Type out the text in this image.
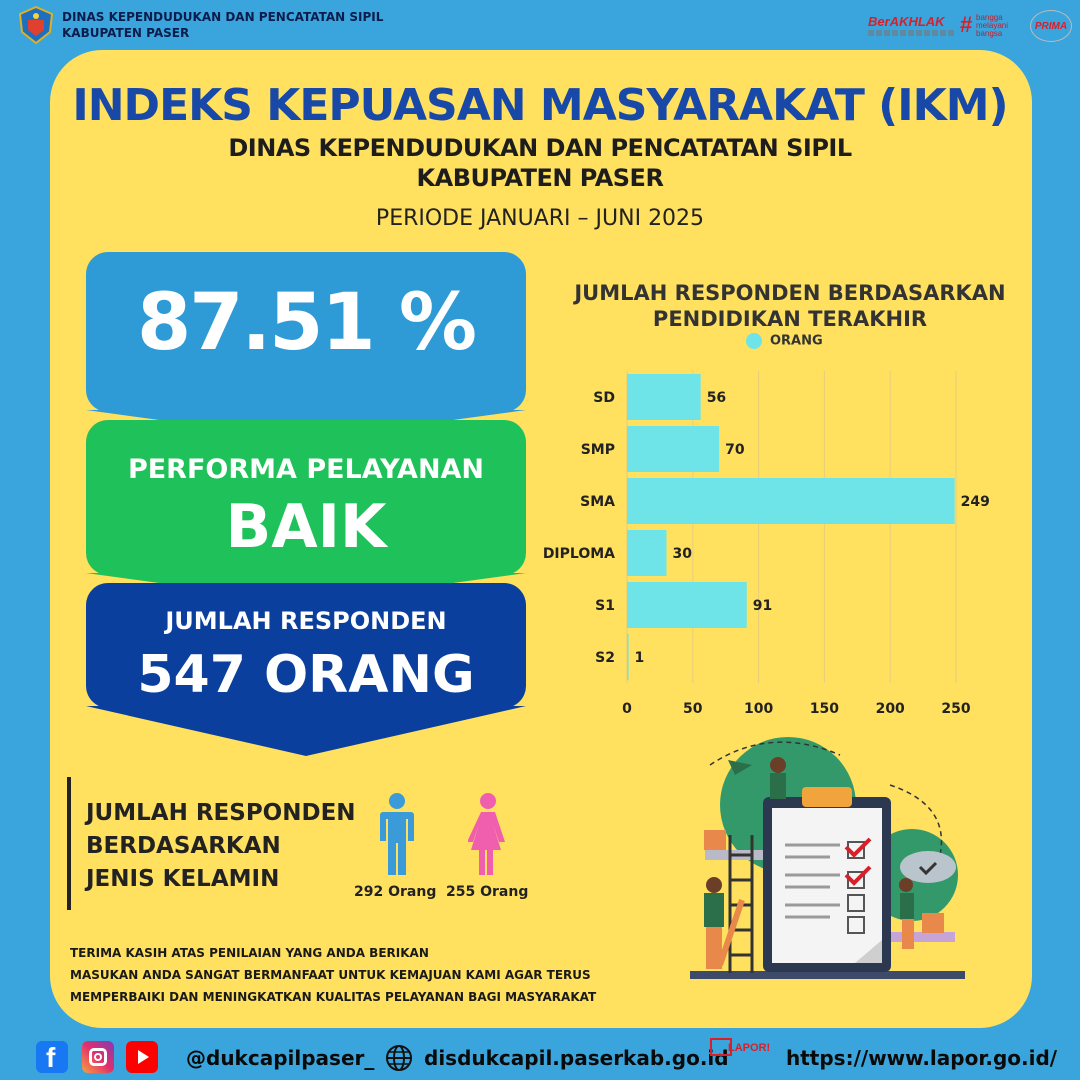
DINAS KEPENDUDUKAN DAN PENCATATAN SIPIL
KABUPATEN PASER
BerAKHLAK # bangga melayani bangsa
PRIMA
INDEKS KEPUASAN MASYARAKAT (IKM)
DINAS KEPENDUDUKAN DAN PENCATATAN SIPIL
KABUPATEN PASER
PERIODE JANUARI – JUNI 2025
87.51 %
PERFORMA PELAYANAN
BAIK
JUMLAH RESPONDEN
547 ORANG
JUMLAH RESPONDEN BERDASARKAN
PENDIDIKAN TERAKHIR
ORANG
SD	56
SMP	70
SMA	249
DIPLOMA	30
S1	91
S2 1
0	50	100	150	200	250
JUMLAH RESPONDEN
BERDASARKAN
JENIS KELAMIN	292 Orang 255 Orang
TERIMA KASIH ATAS PENILAIAN YANG ANDA BERIKAN
MASUKAN ANDA SANGAT BERMANFAAT UNTUK KEMAJUAN KAMI AGAR TERUS
MEMPERBAIKI DAN MENINGKATKAN KUALITAS PELAYANAN BAGI MASYARAKAT
f	@dukcapilpaser_ disdukcapil.paserkab.go.id LAPOR! https://www.lapor.go.id/
